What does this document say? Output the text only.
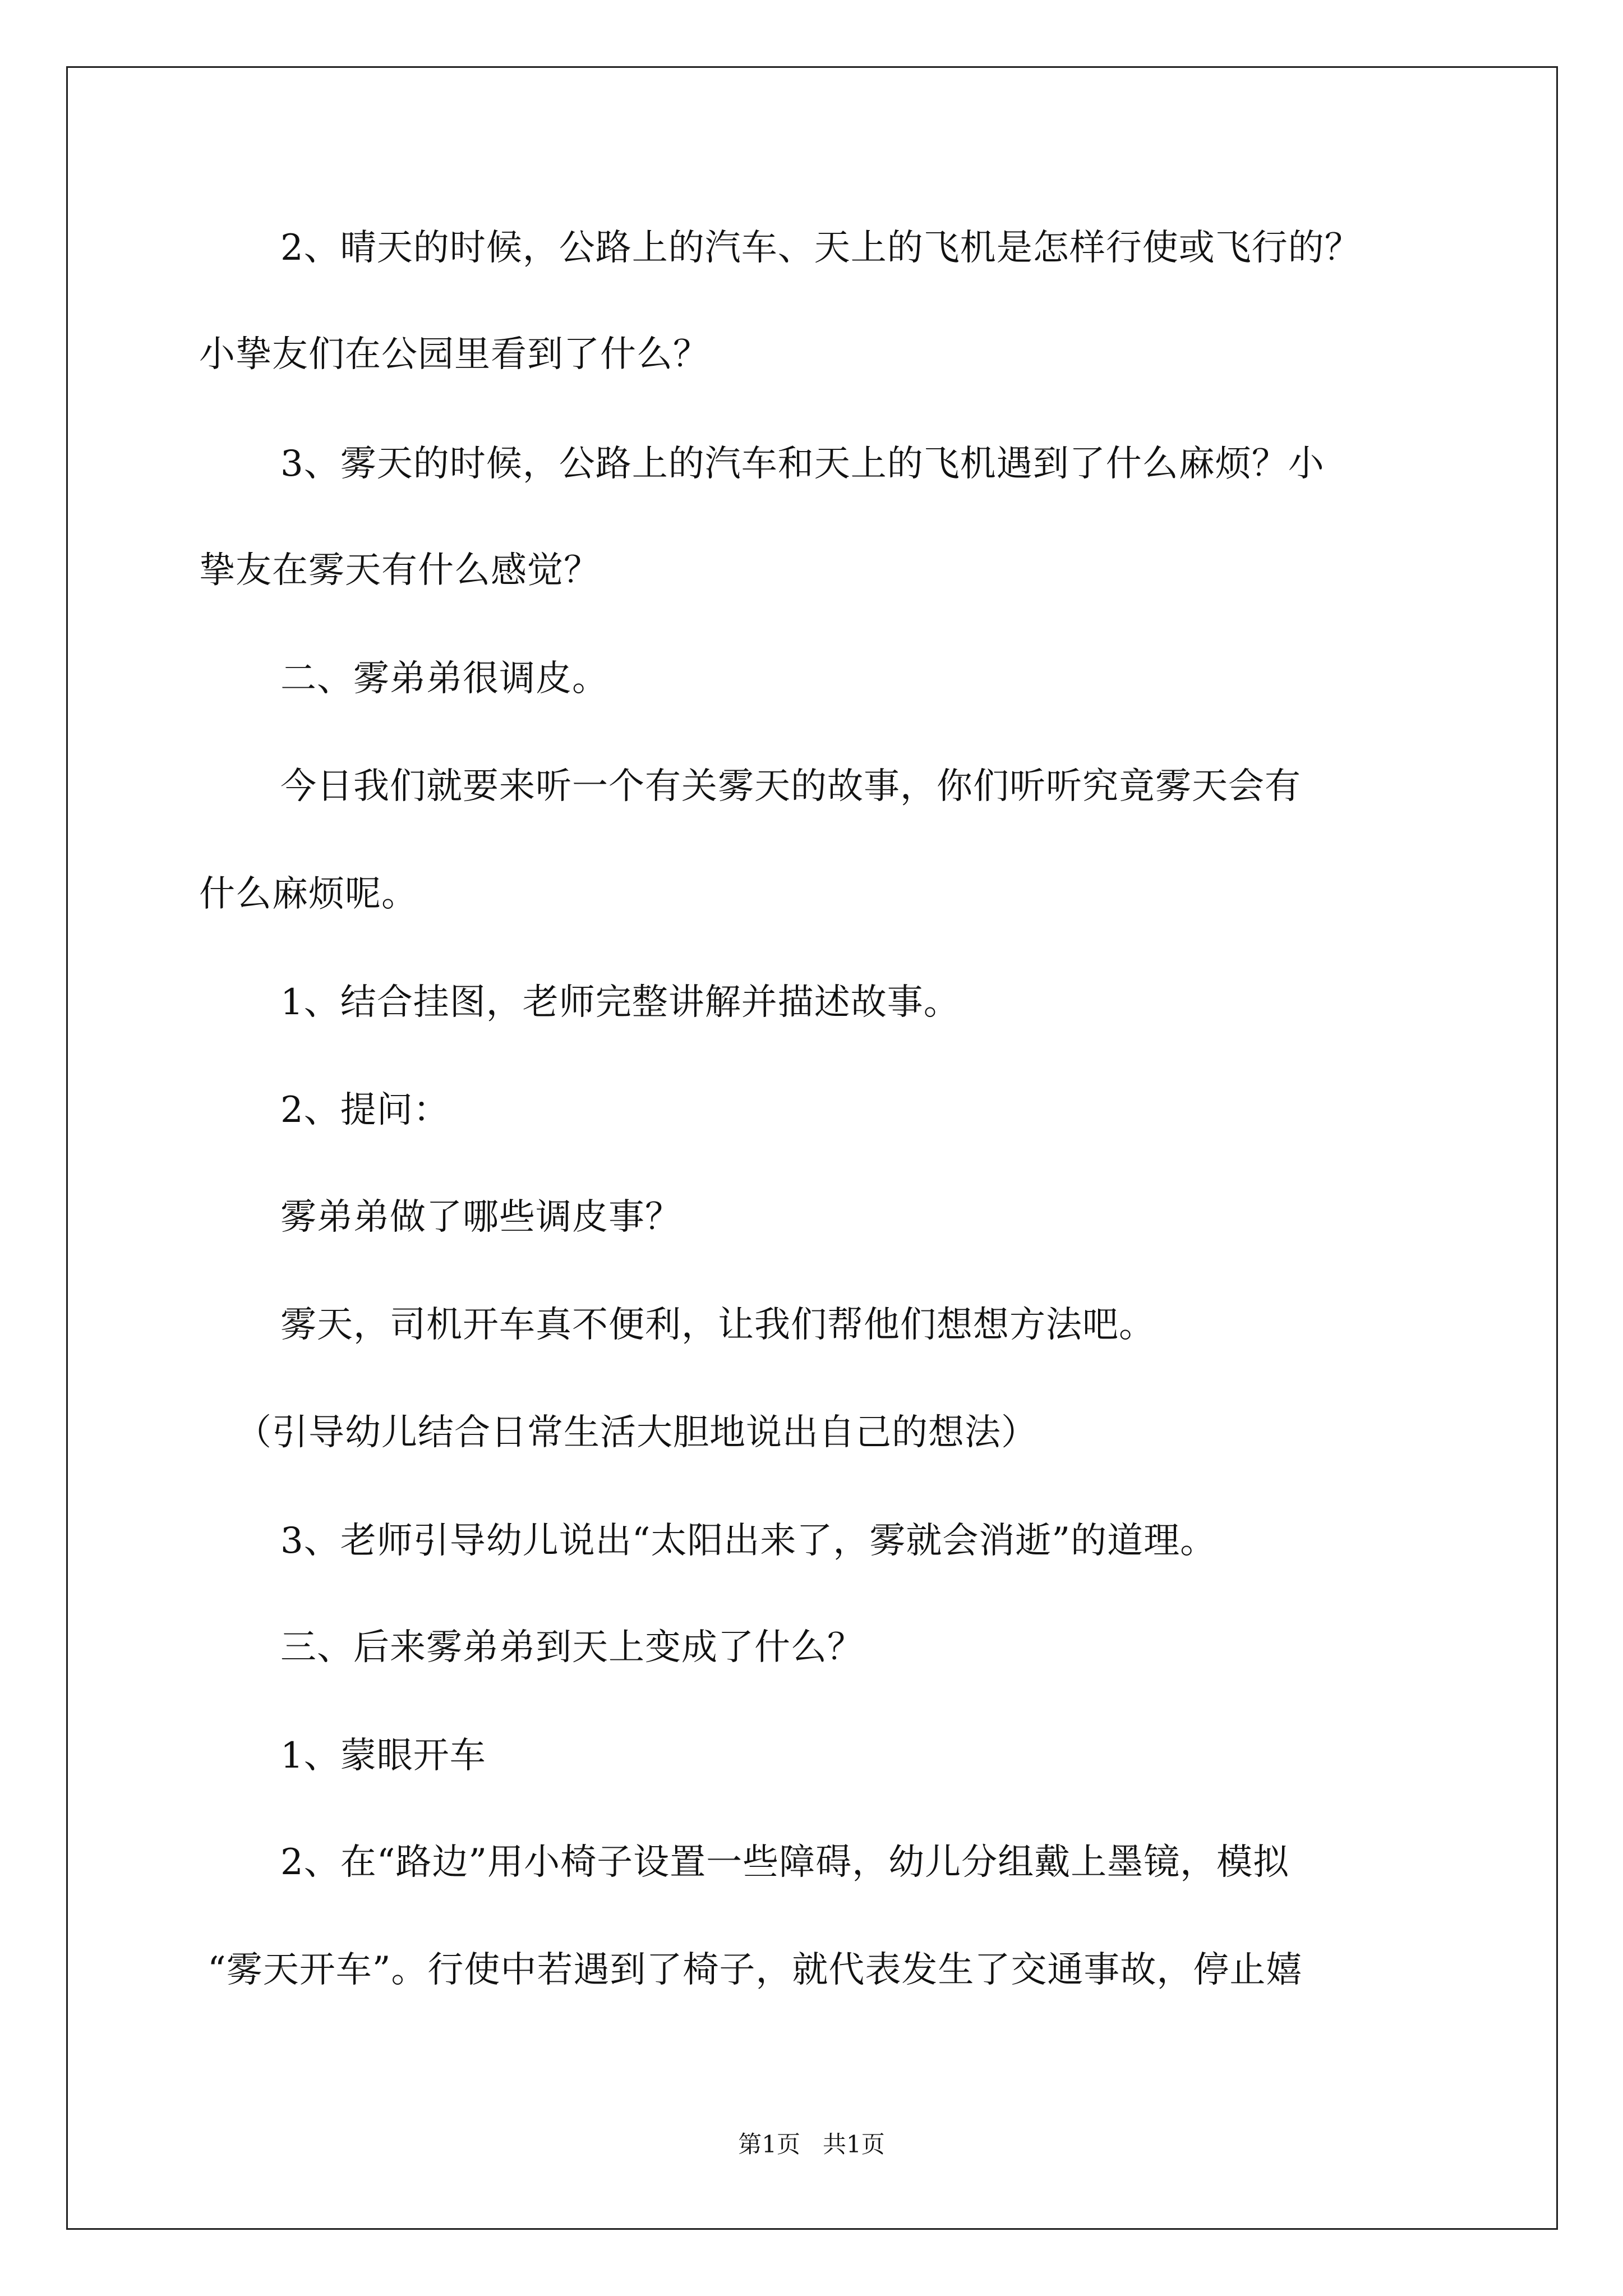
2、晴天的时候，公路上的汽车、天上的飞机是怎样行使或飞行的？
小挚友们在公园里看到了什么？
3、雾天的时候，公路上的汽车和天上的飞机遇到了什么麻烦？小
挚友在雾天有什么感觉？
二、雾弟弟很调皮。
今日我们就要来听一个有关雾天的故事，你们听听究竟雾天会有
什么麻烦呢。
1、结合挂图，老师完整讲解并描述故事。
2、提问：
雾弟弟做了哪些调皮事？
雾天，司机开车真不便利，让我们帮他们想想方法吧。
（引导幼儿结合日常生活大胆地说出自己的想法）
3、老师引导幼儿说出“太阳出来了，雾就会消逝”的道理。
三、后来雾弟弟到天上变成了什么？
1、蒙眼开车
2、在“路边”用小椅子设置一些障碍，幼儿分组戴上墨镜，模拟
“雾天开车”。行使中若遇到了椅子，就代表发生了交通事故，停止嬉
第1页   共1页
